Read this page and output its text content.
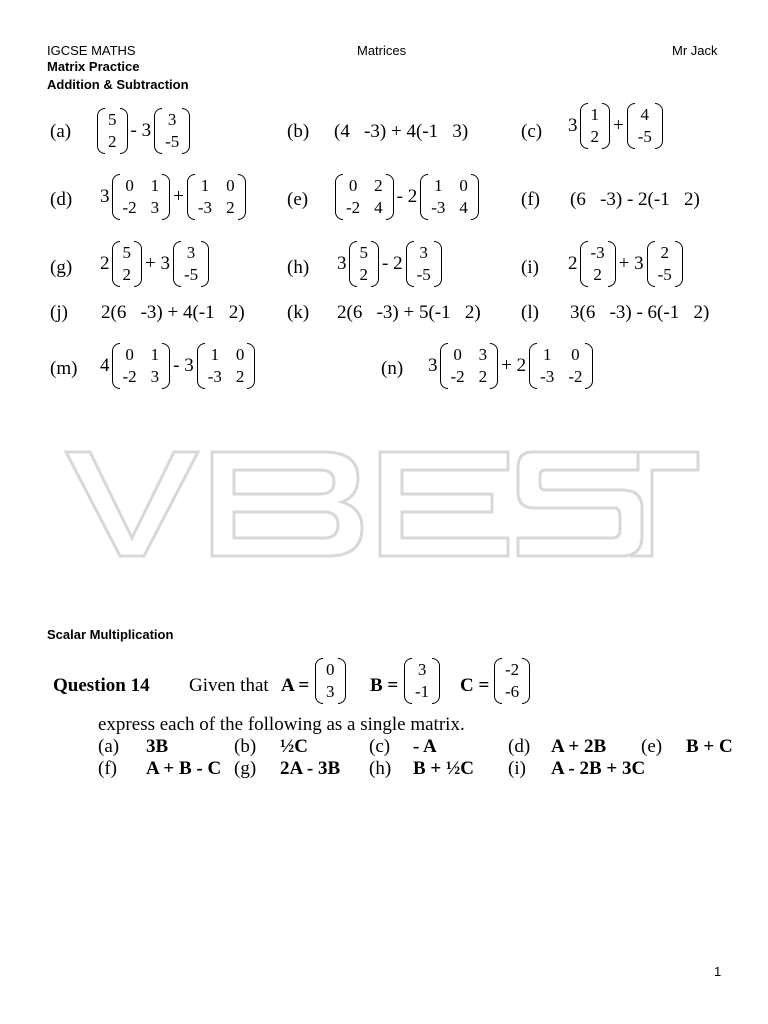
IGCSE MATHS	Matrices	Mr Jack
Matrix Practice
Addition & Subtraction
(a)
5
2
- 3
3
-5	(b) (4   -3) + 4(-1   3)	(c) 3
1
2
+
4
-5
(d) 3
0 1
-2 3
+
1 0
-3 2	(e)
0 2
-2 4
- 2
1 0
-3 4	(f) (6   -3) - 2(-1   2)
(g) 2
5
2
+ 3
3
-5	(h) 3
5
2
- 2
3
-5	(i) 2
-3
2
+ 3
2
-5
(j) 2(6   -3) + 4(-1   2) (k) 2(6   -3) + 5(-1   2) (l) 3(6   -3) - 6(-1   2)
(m) 4
0 1
-2 3
- 3
1 0
-3 2	(n) 3
0 3
-2 2
+ 2
1 0
-3 -2
Scalar Multiplication
Question 14 Given that A =
0
3 B =
3
-1 C =
-2
-6
express each of the following as a single matrix.
(a) 3B	(b) ½C	(c) - A	(d) A + 2B (e) B + C
(f) A + B - C (g) 2A - 3B (h) B + ½C (i) A - 2B + 3C
1
